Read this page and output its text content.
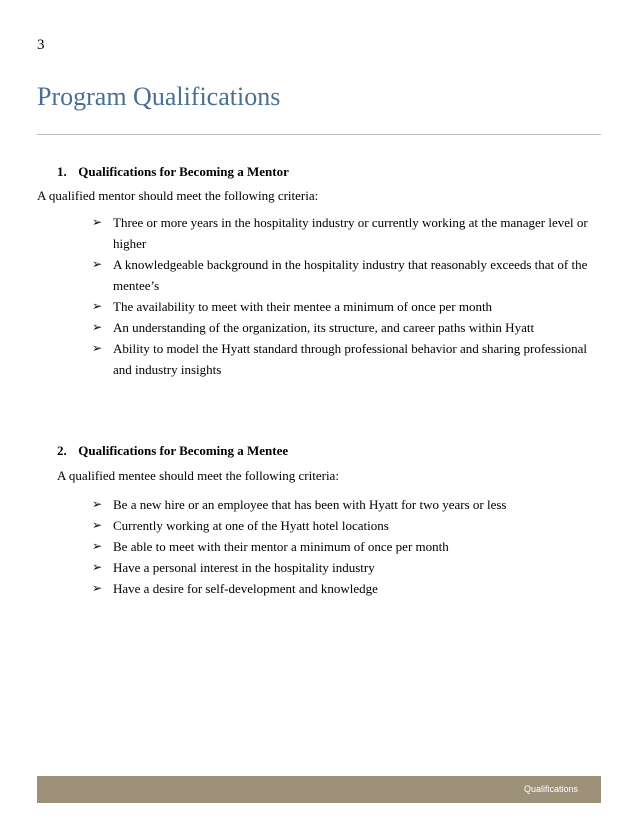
3
Program Qualifications
1. Qualifications for Becoming a Mentor
A qualified mentor should meet the following criteria:
➢ Three or more years in the hospitality industry or currently working at the manager level or higher
➢ A knowledgeable background in the hospitality industry that reasonably exceeds that of the mentee’s
➢ The availability to meet with their mentee a minimum of once per month
➢ An understanding of the organization, its structure, and career paths within Hyatt
➢ Ability to model the Hyatt standard through professional behavior and sharing professional and industry insights
2. Qualifications for Becoming a Mentee
A qualified mentee should meet the following criteria:
➢ Be a new hire or an employee that has been with Hyatt for two years or less
➢ Currently working at one of the Hyatt hotel locations
➢ Be able to meet with their mentor a minimum of once per month
➢ Have a personal interest in the hospitality industry
➢ Have a desire for self-development and knowledge
Qualifications
